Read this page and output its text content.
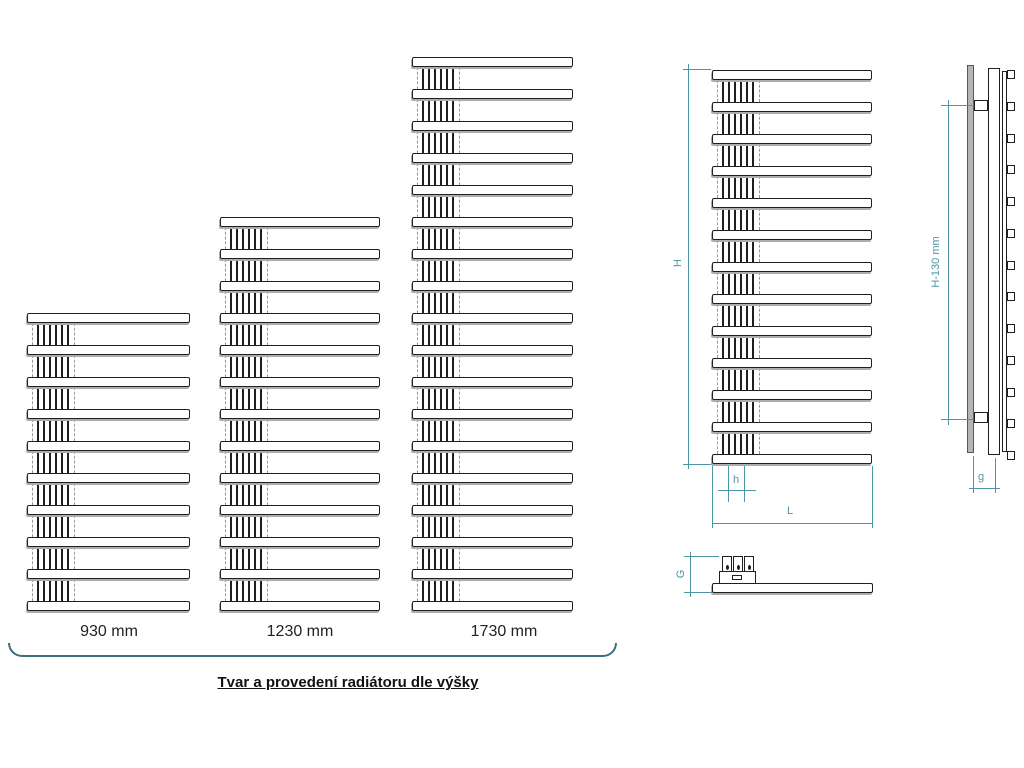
930 mm	1230 mm	1730 mm
Tvar a provedení radiátoru dle výšky
H
h
L
G
H-130 mm
g
